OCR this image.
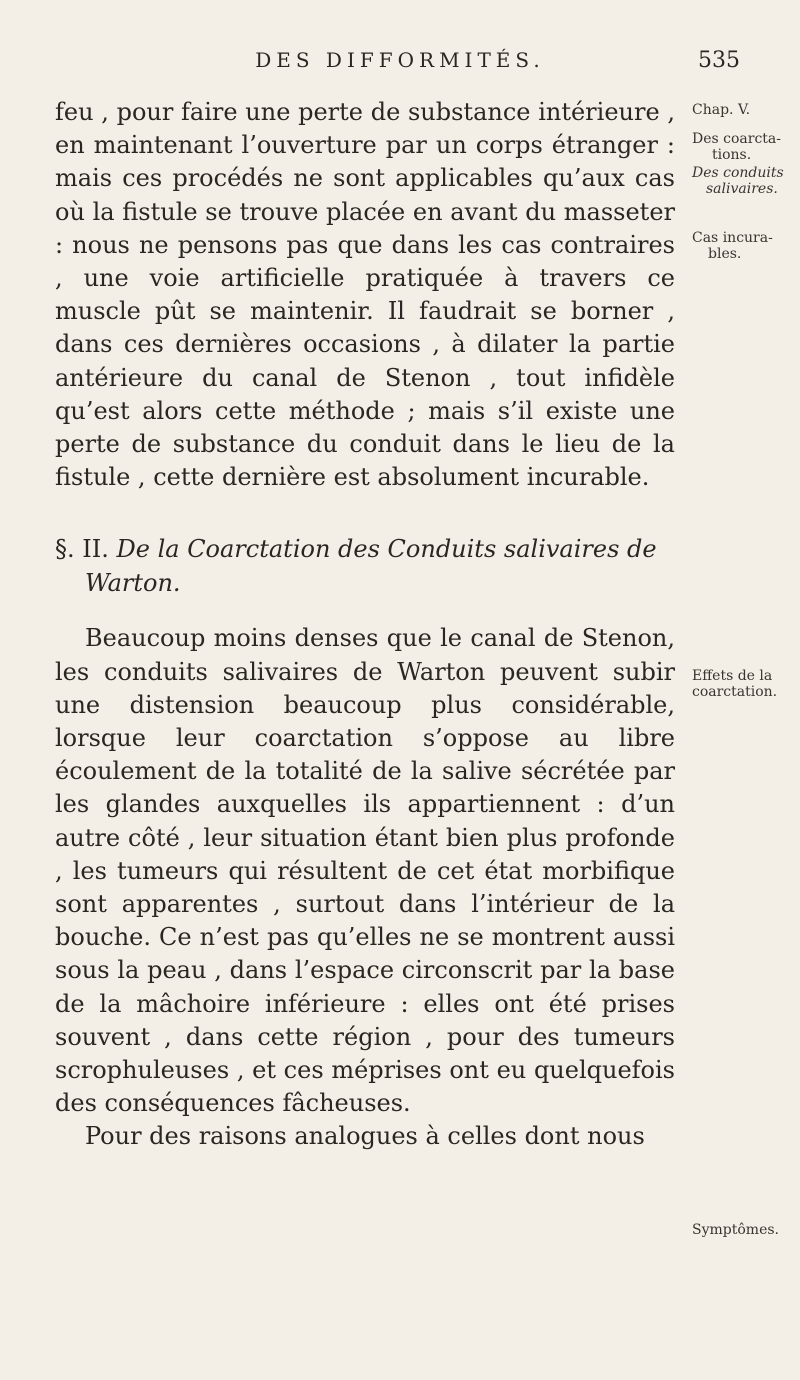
DES DIFFORMITÉS.	535

feu , pour faire une perte de substance intérieure , en maintenant l’ouverture par un corps étranger : mais ces procédés ne sont applicables qu’aux cas où la fistule se trouve placée en avant du masseter : nous ne pensons pas que dans les cas contraires , une voie artificielle pratiquée à travers ce muscle pût se maintenir. Il faudrait se borner , dans ces dernières occasions , à dilater la partie antérieure du canal de Stenon , tout infidèle qu’est alors cette méthode ; mais s’il existe une perte de substance du conduit dans le lieu de la fistule , cette dernière est absolument incurable.

§. II. De la Coarctation des Conduits salivaires de
Warton.

Beaucoup moins denses que le canal de Stenon, les conduits salivaires de Warton peuvent subir une distension beaucoup plus considérable, lorsque leur coarctation s’oppose au libre écoulement de la totalité de la salive sécrétée par les glandes auxquelles ils appartiennent : d’un autre côté , leur situation étant bien plus profonde , les tumeurs qui résultent de cet état morbifique sont apparentes , surtout dans l’intérieur de la bouche. Ce n’est pas qu’elles ne se montrent aussi sous la peau , dans l’espace circonscrit par la base de la mâchoire inférieure : elles ont été prises souvent , dans cette région , pour des tumeurs scrophuleuses , et ces méprises ont eu quelquefois des conséquences fâcheuses.

Pour des raisons analogues à celles dont nous

Chap. V.
Des coarcta-
tions.
Des conduits
salivaires.
Cas incura-
bles.
Effets de la
coarctation.
Symptômes.
